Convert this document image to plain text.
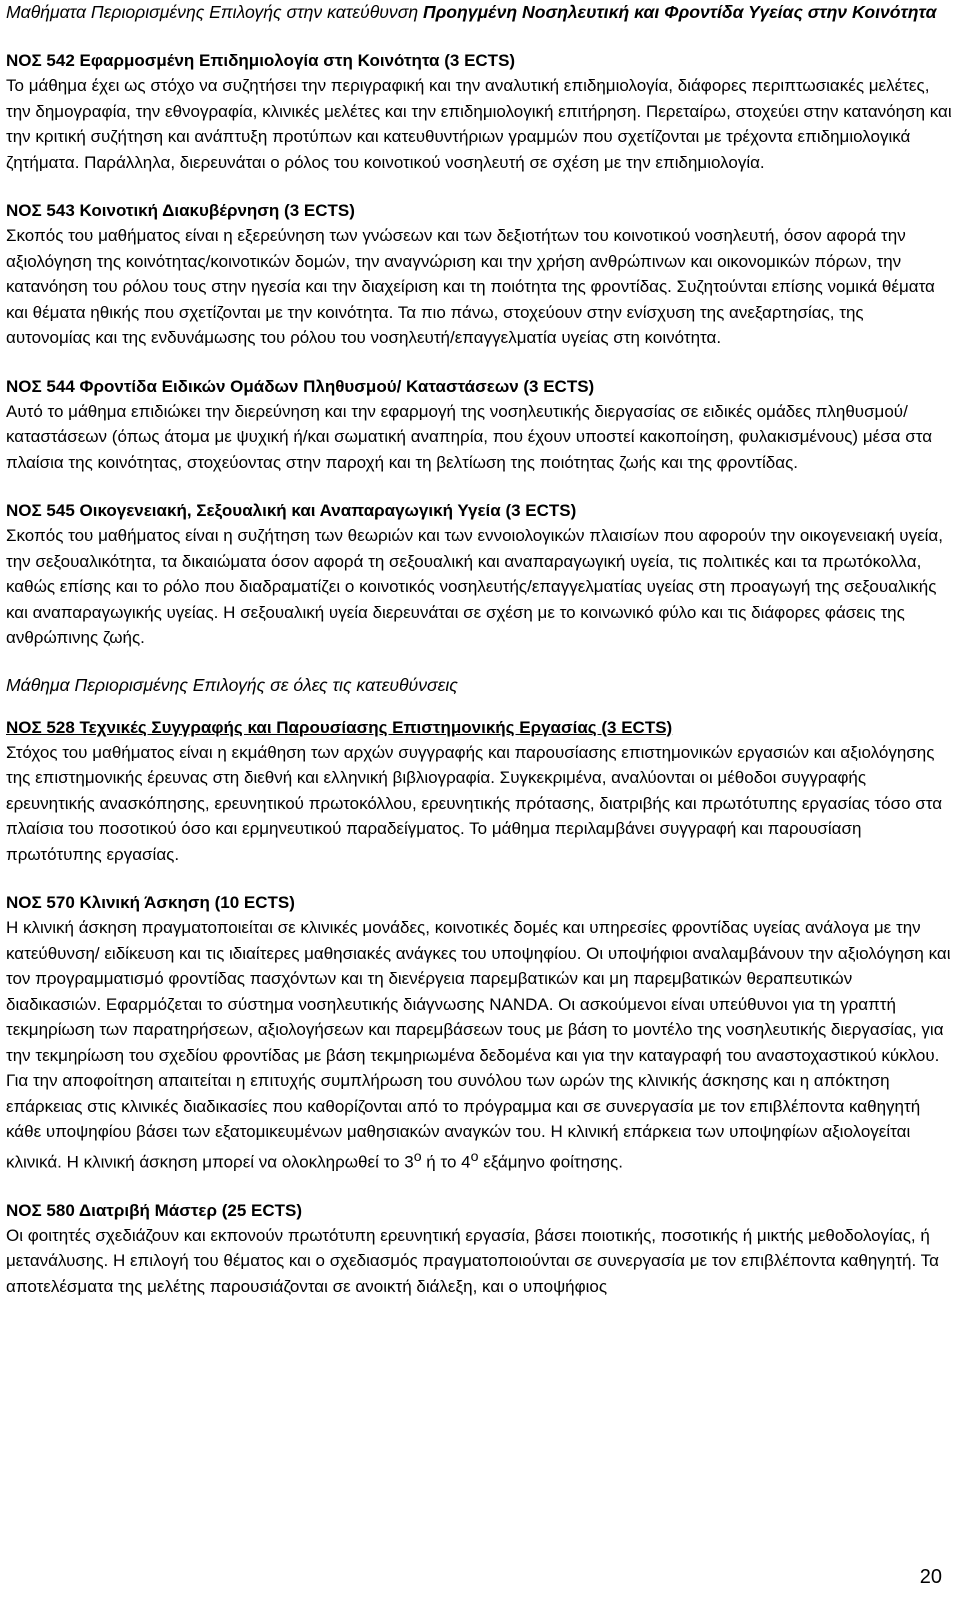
Μαθήματα Περιορισμένης Επιλογής στην κατεύθυνση Προηγμένη Νοσηλευτική και Φροντίδα Υγείας στην Κοινότητα

ΝΟΣ 542 Εφαρμοσμένη Επιδημιολογία στη Κοινότητα (3 ECTS)

Το μάθημα έχει ως στόχο να συζητήσει την περιγραφική και την αναλυτική επιδημιολογία, διάφορες περιπτωσιακές μελέτες, την δημογραφία, την εθνογραφία, κλινικές μελέτες και την επιδημιολογική επιτήρηση. Περεταίρω, στοχεύει στην κατανόηση και την κριτική συζήτηση και ανάπτυξη προτύπων και κατευθυντήριων γραμμών που σχετίζονται με τρέχοντα επιδημιολογικά ζητήματα. Παράλληλα, διερευνάται ο ρόλος του κοινοτικού νοσηλευτή σε σχέση με την επιδημιολογία.

ΝΟΣ 543 Κοινοτική Διακυβέρνηση (3 ECTS)

Σκοπός του μαθήματος είναι η εξερεύνηση των γνώσεων και των δεξιοτήτων του κοινοτικού νοσηλευτή, όσον αφορά την αξιολόγηση της κοινότητας/κοινοτικών δομών, την αναγνώριση και την χρήση ανθρώπινων και οικονομικών πόρων, την κατανόηση του ρόλου τους στην ηγεσία και την διαχείριση και τη ποιότητα της φροντίδας. Συζητούνται επίσης νομικά θέματα και θέματα ηθικής που σχετίζονται με την κοινότητα. Τα πιο πάνω, στοχεύουν στην ενίσχυση της ανεξαρτησίας, της αυτονομίας και της ενδυνάμωσης του ρόλου του νοσηλευτή/επαγγελματία υγείας στη κοινότητα.

ΝΟΣ 544 Φροντίδα Ειδικών Ομάδων Πληθυσμού/ Καταστάσεων (3 ECTS)

Αυτό το μάθημα επιδιώκει την διερεύνηση και την εφαρμογή της νοσηλευτικής διεργασίας σε ειδικές ομάδες πληθυσμού/καταστάσεων (όπως άτομα με ψυχική ή/και σωματική αναπηρία, που έχουν υποστεί κακοποίηση, φυλακισμένους) μέσα στα πλαίσια της κοινότητας, στοχεύοντας στην παροχή και τη βελτίωση της ποιότητας ζωής και της φροντίδας.

ΝΟΣ 545 Οικογενειακή, Σεξουαλική και Αναπαραγωγική Υγεία (3 ECTS)

Σκοπός του μαθήματος είναι η συζήτηση των θεωριών και των εννοιολογικών πλαισίων που αφορούν την οικογενειακή υγεία, την σεξουαλικότητα, τα δικαιώματα όσον αφορά τη σεξουαλική και αναπαραγωγική υγεία, τις πολιτικές και τα πρωτόκολλα, καθώς επίσης και το ρόλο που διαδραματίζει ο κοινοτικός νοσηλευτής/επαγγελματίας υγείας στη προαγωγή της σεξουαλικής και αναπαραγωγικής υγείας. Η σεξουαλική υγεία διερευνάται σε σχέση με το κοινωνικό φύλο και τις διάφορες φάσεις της ανθρώπινης ζωής.

Μάθημα Περιορισμένης Επιλογής σε όλες τις κατευθύνσεις

ΝΟΣ 528 Τεχνικές Συγγραφής και Παρουσίασης Επιστημονικής Εργασίας (3 ECTS)

Στόχος του μαθήματος είναι η εκμάθηση των αρχών συγγραφής και παρουσίασης επιστημονικών εργασιών και αξιολόγησης της επιστημονικής έρευνας στη διεθνή και ελληνική βιβλιογραφία. Συγκεκριμένα, αναλύονται οι μέθοδοι συγγραφής ερευνητικής ανασκόπησης, ερευνητικού πρωτοκόλλου, ερευνητικής πρότασης, διατριβής και πρωτότυπης εργασίας τόσο στα πλαίσια του ποσοτικού όσο και ερμηνευτικού παραδείγματος. Το μάθημα περιλαμβάνει συγγραφή και παρουσίαση πρωτότυπης εργασίας.

ΝΟΣ 570 Κλινική Άσκηση (10 ECTS)

Η κλινική άσκηση πραγματοποιείται σε κλινικές μονάδες, κοινοτικές δομές και υπηρεσίες φροντίδας υγείας ανάλογα με την κατεύθυνση/ ειδίκευση και τις ιδιαίτερες μαθησιακές ανάγκες του υποψηφίου. Οι υποψήφιοι αναλαμβάνουν την αξιολόγηση και τον προγραμματισμό φροντίδας πασχόντων και τη διενέργεια παρεμβατικών και μη παρεμβατικών θεραπευτικών διαδικασιών. Εφαρμόζεται το σύστημα νοσηλευτικής διάγνωσης NANDA. Οι ασκούμενοι είναι υπεύθυνοι για τη γραπτή τεκμηρίωση των παρατηρήσεων, αξιολογήσεων και παρεμβάσεων τους με βάση το μοντέλο της νοσηλευτικής διεργασίας, για την τεκμηρίωση του σχεδίου φροντίδας με βάση τεκμηριωμένα δεδομένα και για την καταγραφή του αναστοχαστικού κύκλου. Για την αποφοίτηση απαιτείται η επιτυχής συμπλήρωση του συνόλου των ωρών της κλινικής άσκησης και η απόκτηση επάρκειας στις κλινικές διαδικασίες που καθορίζονται από το πρόγραμμα και σε συνεργασία με τον επιβλέποντα καθηγητή κάθε υποψηφίου βάσει των εξατομικευμένων μαθησιακών αναγκών του. Η κλινική επάρκεια των υποψηφίων αξιολογείται κλινικά. Η κλινική άσκηση μπορεί να ολοκληρωθεί το $3^o$ ή το $4^o$ εξάμηνο φοίτησης.

ΝΟΣ 580 Διατριβή Μάστερ (25 ECTS)

Οι φοιτητές σχεδιάζουν και εκπονούν πρωτότυπη ερευνητική εργασία, βάσει ποιοτικής, ποσοτικής ή μικτής μεθοδολογίας, ή μετανάλυσης. Η επιλογή του θέματος και ο σχεδιασμός πραγματοποιούνται σε συνεργασία με τον επιβλέποντα καθηγητή. Τα αποτελέσματα της μελέτης παρουσιάζονται σε ανοικτή διάλεξη, και ο υποψήφιος

20
